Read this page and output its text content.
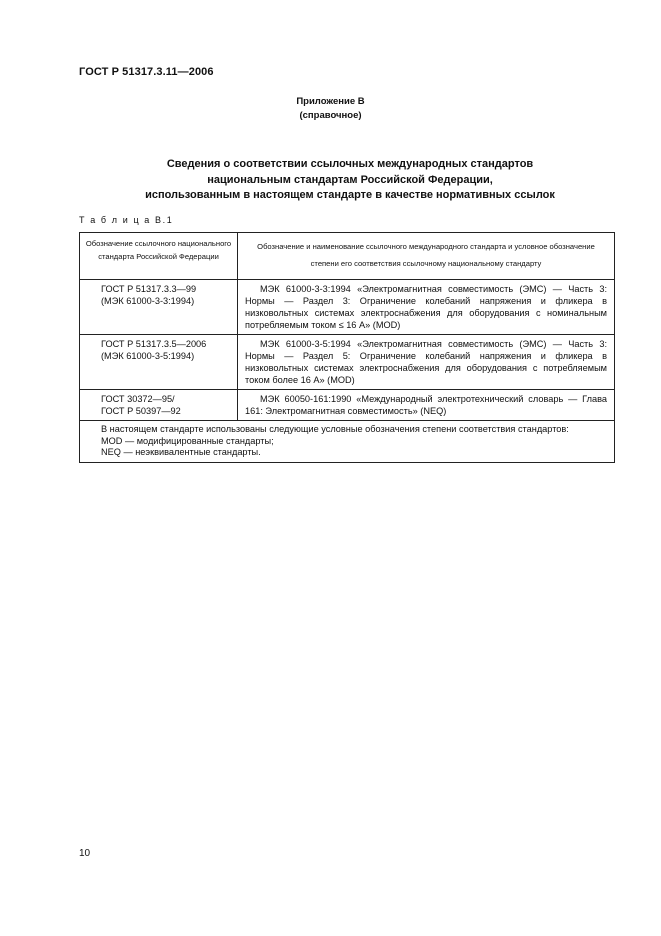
ГОСТ Р 51317.3.11—2006
Приложение В
(справочное)
Сведения о соответствии ссылочных международных стандартов
национальным стандартам Российской Федерации,
использованным в настоящем стандарте в качестве нормативных ссылок
Т а б л и ц а В.1
Обозначение ссылочного национального стандарта Российской Федерации	Обозначение и наименование ссылочного международного стандарта и условное обозначение степени его соответствия ссылочному национальному стандарту

ГОСТ Р 51317.3.3—99
(МЭК 61000-3-3:1994)	МЭК 61000-3-3:1994 «Электромагнитная совместимость (ЭМС) — Часть 3: Нормы — Раздел 3: Ограничение колебаний напряжения и фликера в низковольтных системах электроснабжения для оборудования с номинальным потребляемым током ≤ 16 А» (MOD)

ГОСТ Р 51317.3.5—2006
(МЭК 61000-3-5:1994)	МЭК 61000-3-5:1994 «Электромагнитная совместимость (ЭМС) — Часть 3: Нормы — Раздел 5: Ограничение колебаний напряжения и фликера в низковольтных системах электроснабжения для оборудования с потребляемым током более 16 А» (MOD)

ГОСТ 30372—95/
ГОСТ Р 50397—92	МЭК 60050-161:1990 «Международный электротехнический словарь — Глава 161: Электромагнитная совместимость» (NEQ)

В настоящем стандарте использованы следующие условные обозначения степени соответствия стандартов:
MOD — модифицированные стандарты;
NEQ — неэквивалентные стандарты.	
10
